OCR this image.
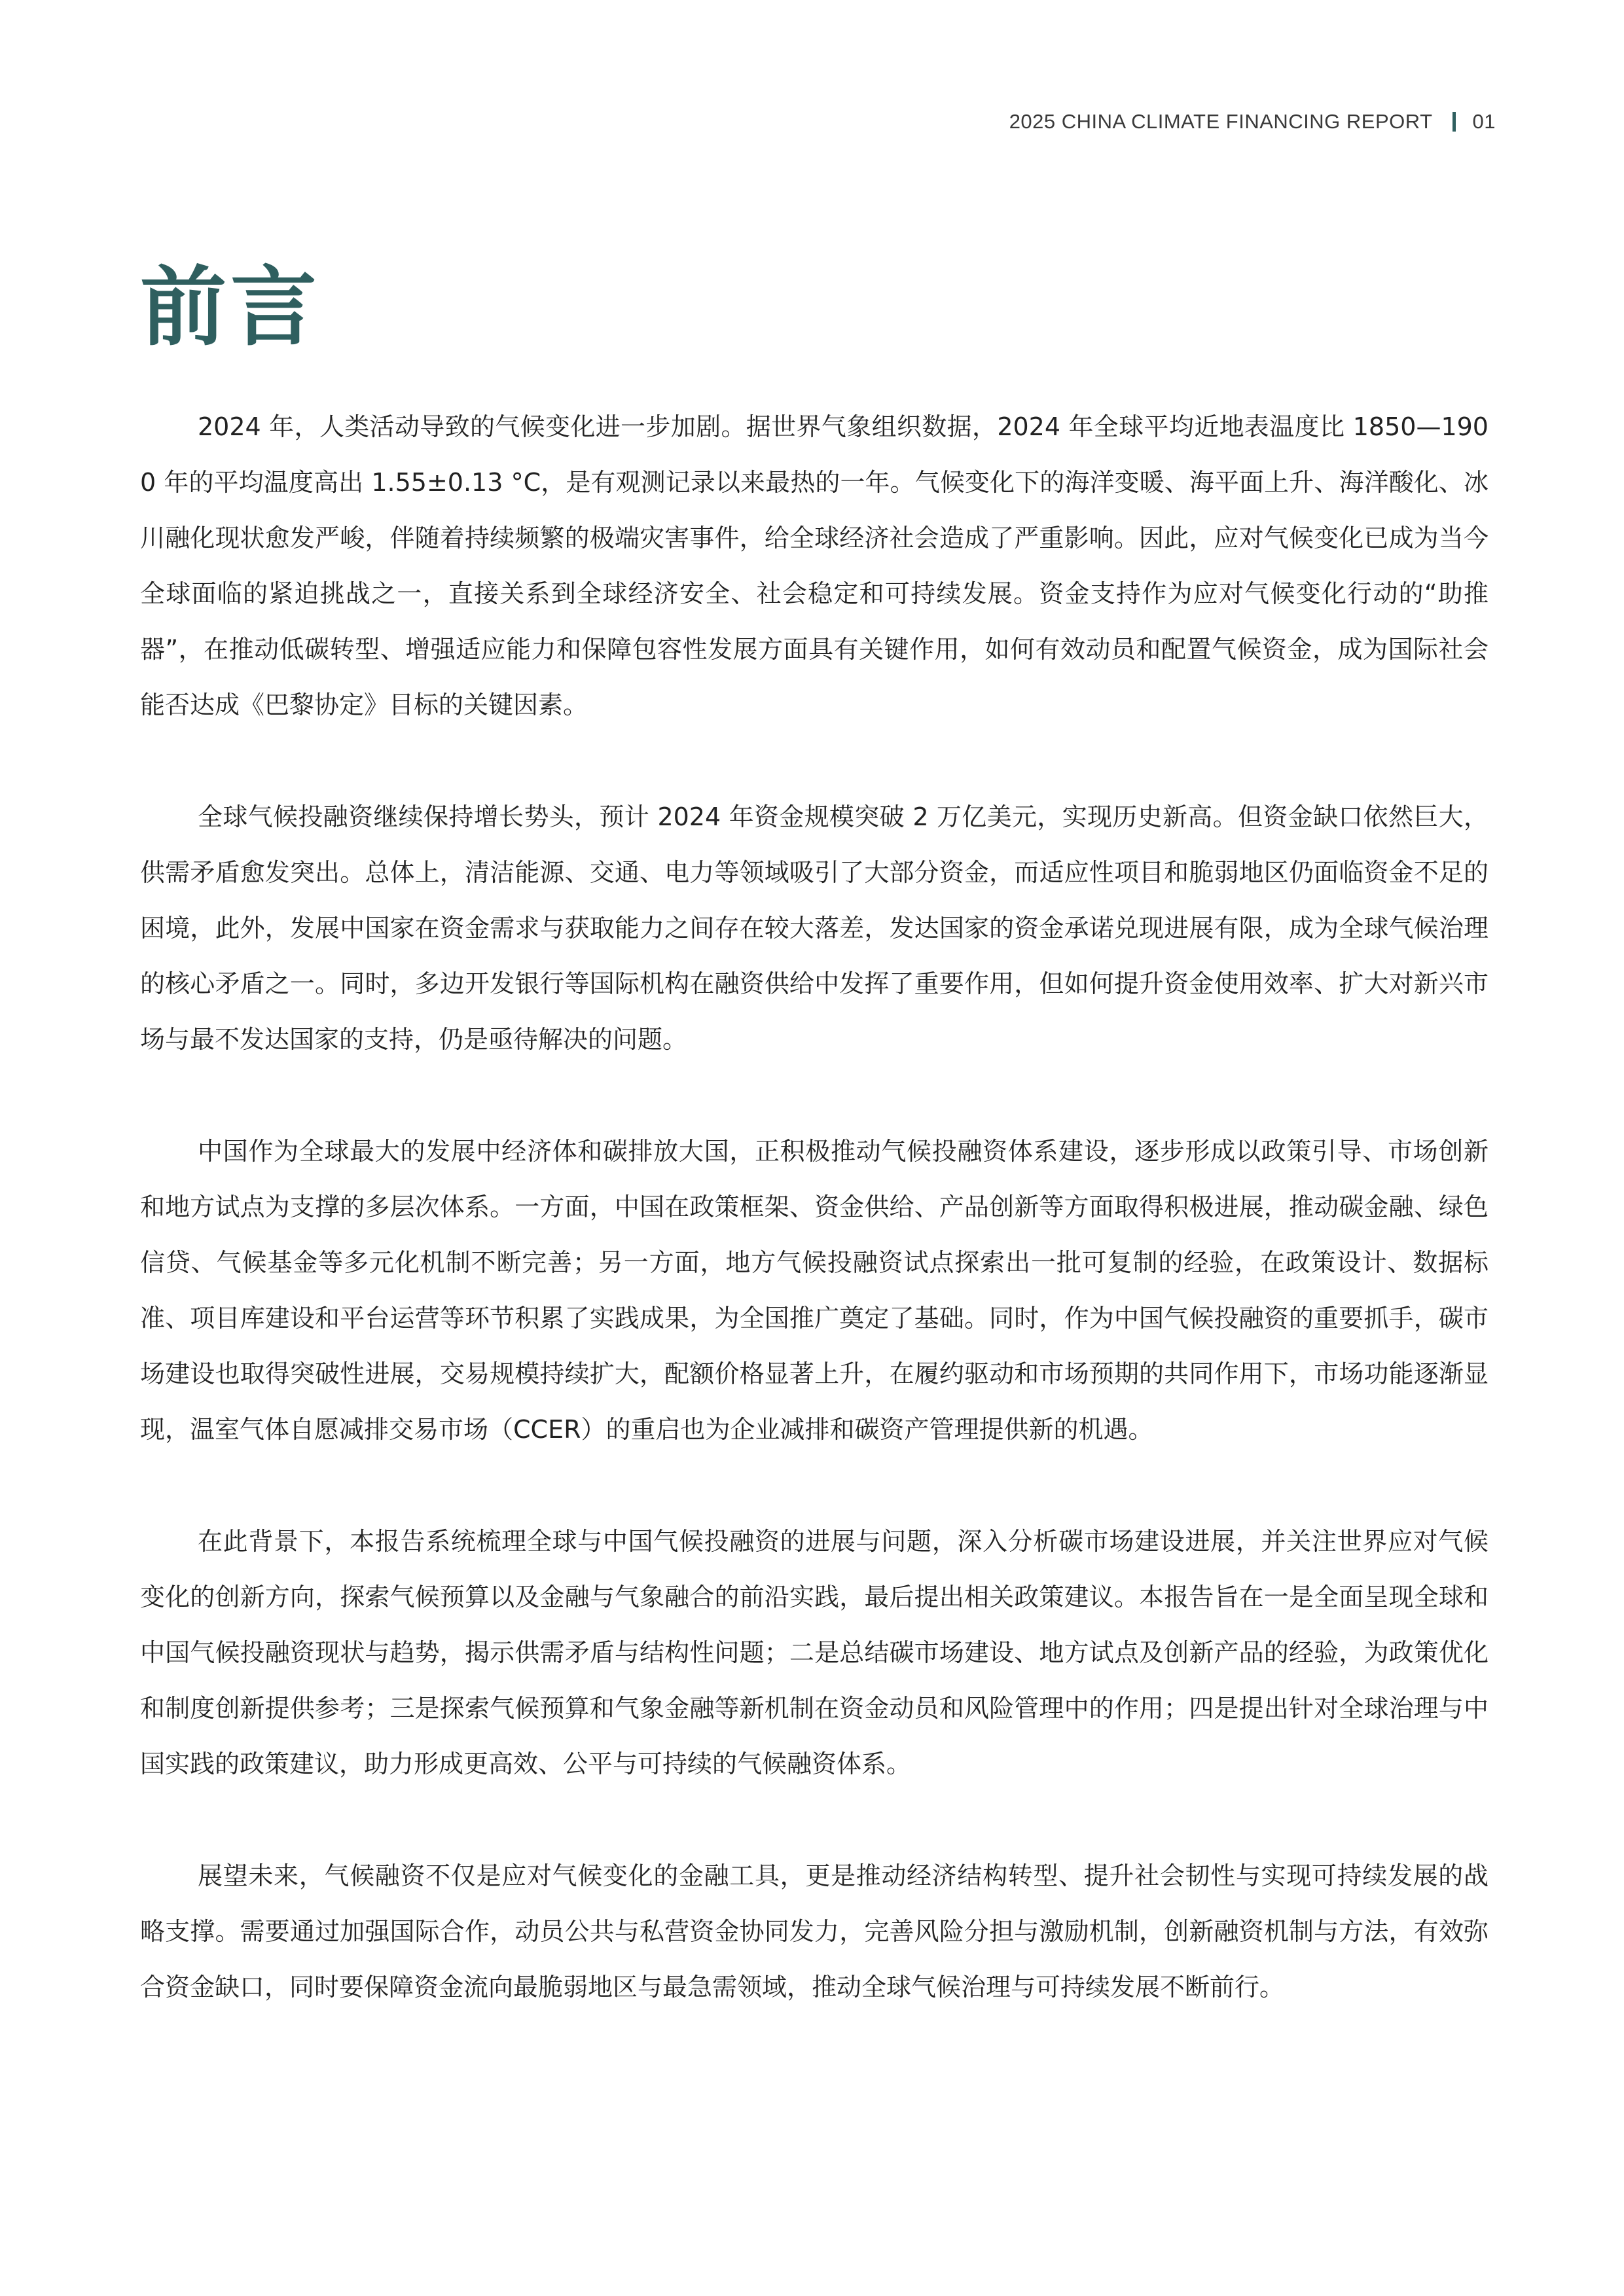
2025 CHINA CLIMATE FINANCING REPORT 01
前言

2024 年，人类活动导致的气候变化进一步加剧。据世界气象组织数据，2024 年全球平均近地表温度比 1850—1900 年的平均温度高出 1.55±0.13 °C，是有观测记录以来最热的一年。气候变化下的海洋变暖、海平面上升、海洋酸化、冰川融化现状愈发严峻，伴随着持续频繁的极端灾害事件，给全球经济社会造成了严重影响。因此，应对气候变化已成为当今全球面临的紧迫挑战之一，直接关系到全球经济安全、社会稳定和可持续发展。资金支持作为应对气候变化行动的“助推器”，在推动低碳转型、增强适应能力和保障包容性发展方面具有关键作用，如何有效动员和配置气候资金，成为国际社会能否达成《巴黎协定》目标的关键因素。

全球气候投融资继续保持增长势头，预计 2024 年资金规模突破 2 万亿美元，实现历史新高。但资金缺口依然巨大，供需矛盾愈发突出。总体上，清洁能源、交通、电力等领域吸引了大部分资金，而适应性项目和脆弱地区仍面临资金不足的困境，此外，发展中国家在资金需求与获取能力之间存在较大落差，发达国家的资金承诺兑现进展有限，成为全球气候治理的核心矛盾之一。同时，多边开发银行等国际机构在融资供给中发挥了重要作用，但如何提升资金使用效率、扩大对新兴市场与最不发达国家的支持，仍是亟待解决的问题。

中国作为全球最大的发展中经济体和碳排放大国，正积极推动气候投融资体系建设，逐步形成以政策引导、市场创新和地方试点为支撑的多层次体系。一方面，中国在政策框架、资金供给、产品创新等方面取得积极进展，推动碳金融、绿色信贷、气候基金等多元化机制不断完善；另一方面，地方气候投融资试点探索出一批可复制的经验，在政策设计、数据标准、项目库建设和平台运营等环节积累了实践成果，为全国推广奠定了基础。同时，作为中国气候投融资的重要抓手，碳市场建设也取得突破性进展，交易规模持续扩大，配额价格显著上升，在履约驱动和市场预期的共同作用下，市场功能逐渐显现，温室气体自愿减排交易市场（CCER）的重启也为企业减排和碳资产管理提供新的机遇。

在此背景下，本报告系统梳理全球与中国气候投融资的进展与问题，深入分析碳市场建设进展，并关注世界应对气候变化的创新方向，探索气候预算以及金融与气象融合的前沿实践，最后提出相关政策建议。本报告旨在一是全面呈现全球和中国气候投融资现状与趋势，揭示供需矛盾与结构性问题；二是总结碳市场建设、地方试点及创新产品的经验，为政策优化和制度创新提供参考；三是探索气候预算和气象金融等新机制在资金动员和风险管理中的作用；四是提出针对全球治理与中国实践的政策建议，助力形成更高效、公平与可持续的气候融资体系。

展望未来，气候融资不仅是应对气候变化的金融工具，更是推动经济结构转型、提升社会韧性与实现可持续发展的战略支撑。需要通过加强国际合作，动员公共与私营资金协同发力，完善风险分担与激励机制，创新融资机制与方法，有效弥合资金缺口，同时要保障资金流向最脆弱地区与最急需领域，推动全球气候治理与可持续发展不断前行。
